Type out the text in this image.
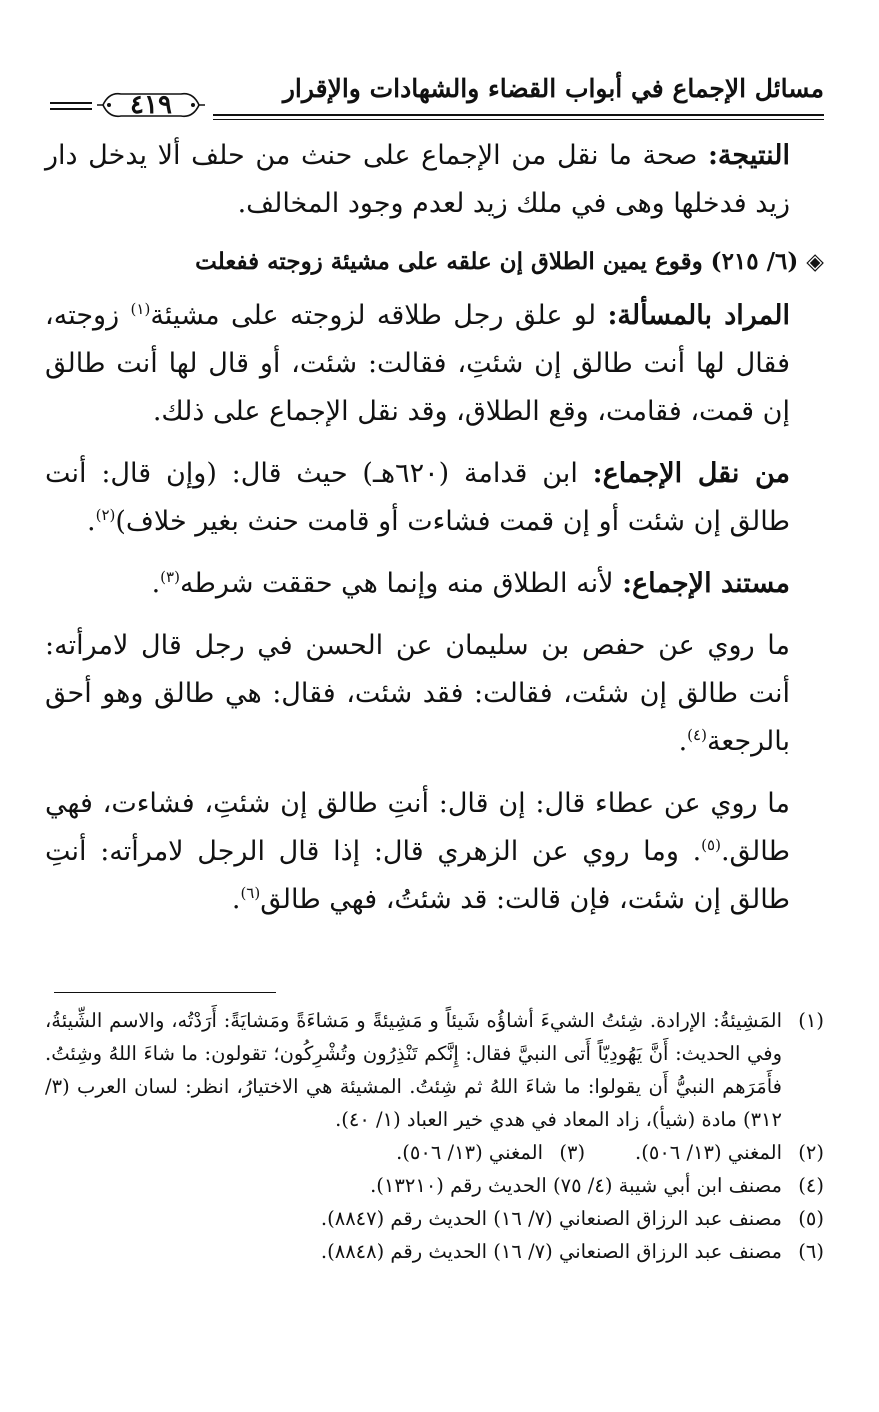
مسائل الإجماع في أبواب القضاء والشهادات والإقرار
٤١٩

النتيجة: صحة ما نقل من الإجماع على حنث من حلف ألا يدخل دار زيد فدخلها وهى في ملك زيد لعدم وجود المخالف.

◈(٦/ ٢١٥) وقوع يمين الطلاق إن علقه على مشيئة زوجته ففعلت

المراد بالمسألة: لو علق رجل طلاقه لزوجته على مشيئة$^{(١)}$ زوجته، فقال لها أنت طالق إن شئتِ، فقالت: شئت، أو قال لها أنت طالق إن قمت، فقامت، وقع الطلاق، وقد نقل الإجماع على ذلك.

من نقل الإجماع: ابن قدامة (٦٢٠هـ) حيث قال: (وإن قال: أنت طالق إن شئت أو إن قمت فشاءت أو قامت حنث بغير خلاف)$^{(٢)}$.

مستند الإجماع: لأنه الطلاق منه وإنما هي حققت شرطه$^{(٣)}$.

ما روي عن حفص بن سليمان عن الحسن في رجل قال لامرأته: أنت طالق إن شئت، فقالت: فقد شئت، فقال: هي طالق وهو أحق بالرجعة$^{(٤)}$.

ما روي عن عطاء قال: إن قال: أنتِ طالق إن شئتِ، فشاءت، فهي طالق.$^{(٥)}$. وما روي عن الزهري قال: إذا قال الرجل لامرأته: أنتِ طالق إن شئت، فإن قالت: قد شئتُ، فهي طالق$^{(٦)}$.

(١)
المَشِيئةُ: الإرادة. شِئتُ الشيءَ أشاؤُه شَيئاً و مَشِيئةً و مَشاءَةً ومَشايَةً: أَرَدْتُه، والاسم الشِّيئةُ، وفي الحديث: أَنَّ يَهُودِيّاً أَتى النبيَّ فقال: إِنَّكم تَنْذِرُون وتُشْرِكُون؛ تقولون: ما شاءَ اللهُ وشِئتُ. فأَمَرَهم النبيُّ أَن يقولوا: ما شاءَ اللهُ ثم شِئتُ. المشيئة هي الاختيارُ، انظر: لسان العرب (٣/ ٣١٢) مادة (شيأ)، زاد المعاد في هدي خير العباد (١/ ٤٠).
(٢)
المغني (١٣/ ٥٠٦).
(٣)
المغني (١٣/ ٥٠٦).
(٤)
مصنف ابن أبي شيبة (٤/ ٧٥) الحديث رقم (١٣٢١٠).
(٥)
مصنف عبد الرزاق الصنعاني (٧/ ١٦) الحديث رقم (٨٨٤٧).
(٦)
مصنف عبد الرزاق الصنعاني (٧/ ١٦) الحديث رقم (٨٨٤٨).
